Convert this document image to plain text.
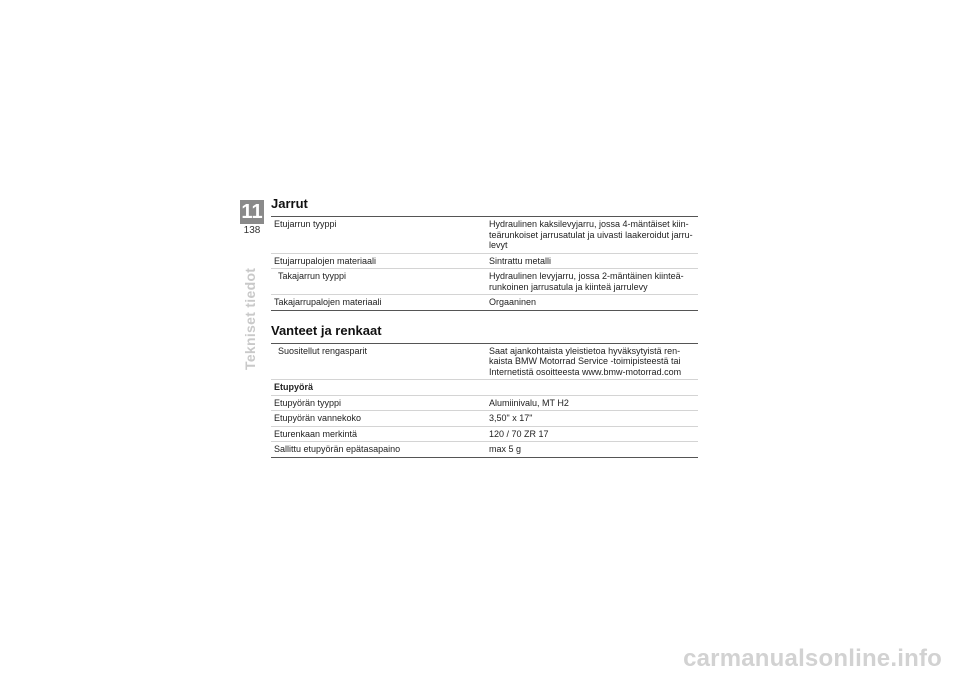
11
138
Tekniset tiedot
Jarrut
Etujarrun tyyppi	Hydraulinen kaksilevyjarru, jossa 4-mäntäiset kiin-teärunkoiset jarrusatulat ja uivasti laakeroidut jarru-levyt
Etujarrupalojen materiaali	Sintrattu metalli
Takajarrun tyyppi	Hydraulinen levyjarru, jossa 2-mäntäinen kiinteä-runkoinen jarrusatula ja kiinteä jarrulevy
Takajarrupalojen materiaali	Orgaaninen
Vanteet ja renkaat
Suositellut rengasparit	Saat ajankohtaista yleistietoa hyväksytyistä ren-kaista BMW Motorrad Service -toimipisteestä tai Internetistä osoitteesta www.bmw-motorrad.com
Etupyörä
Etupyörän tyyppi	Alumiinivalu, MT H2
Etupyörän vannekoko	3,50" x 17"
Eturenkaan merkintä	120 / 70 ZR 17
Sallittu etupyörän epätasapaino	max 5 g
carmanualsonline.info
